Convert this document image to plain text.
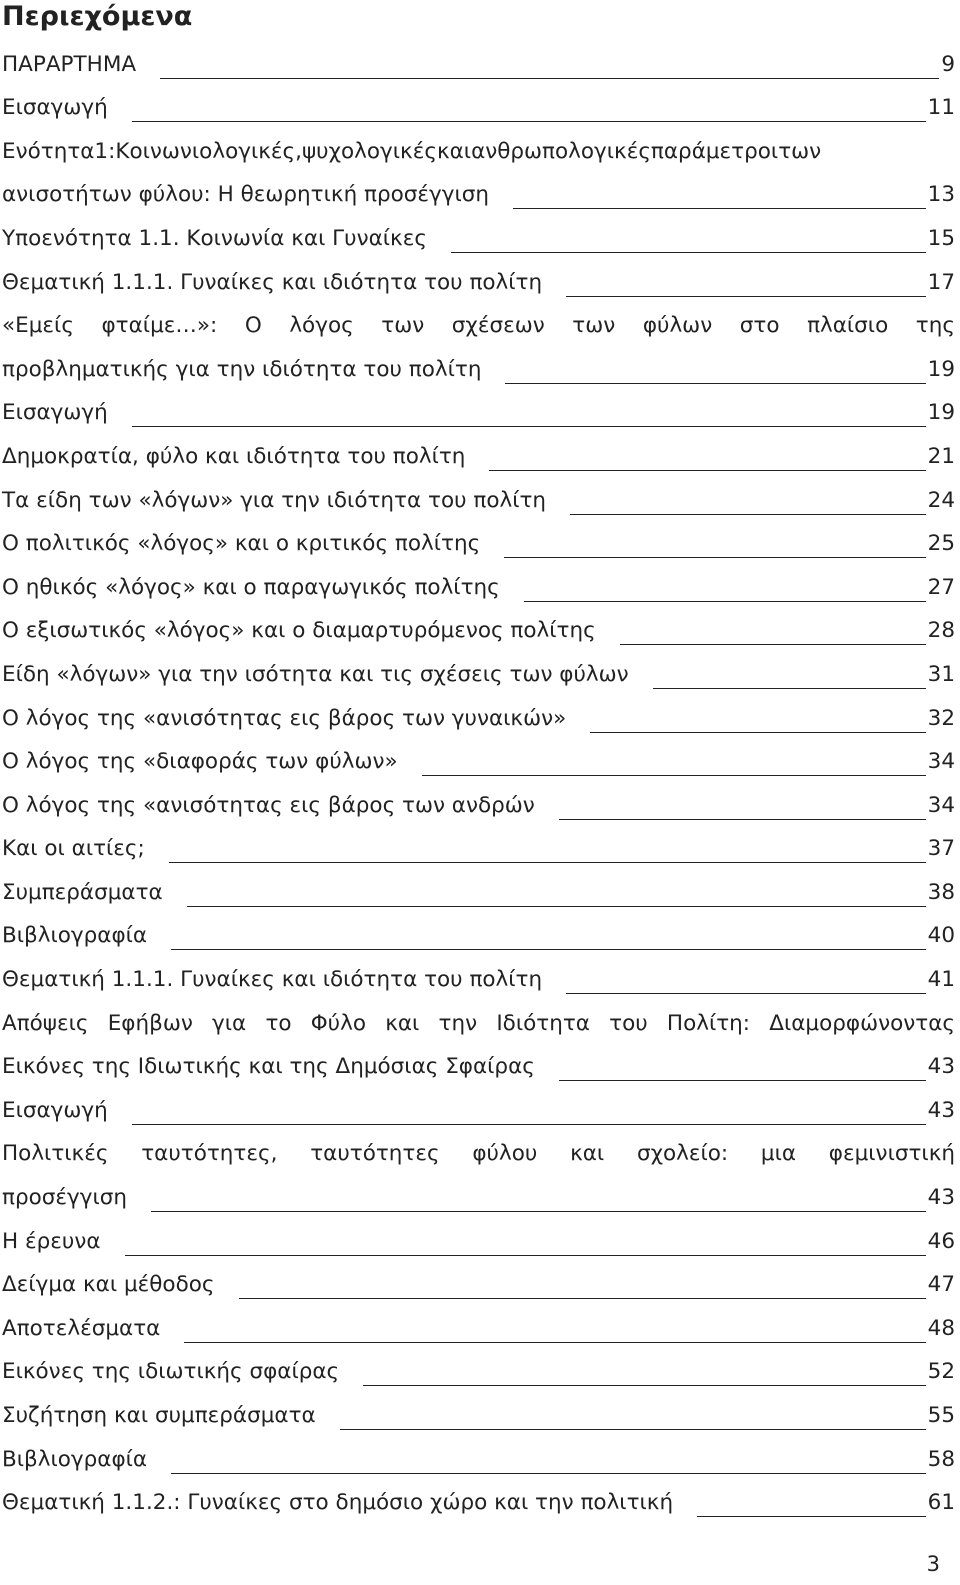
Περιεχόμενα
ΠΑΡΑΡΤΗΜΑ	9
Εισαγωγή	11
Ενότητα1:Κοινωνιολογικές,ψυχολογικέςκαιανθρωπολογικέςπαράμετροιτων
ανισοτήτων φύλου: Η θεωρητική προσέγγιση	13
Υποενότητα 1.1. Κοινωνία και Γυναίκες	15
Θεματική 1.1.1. Γυναίκες και ιδιότητα του πολίτη	17
«Εμείς φταίμε…»: Ο λόγος των σχέσεων των φύλων στο πλαίσιο της
προβληματικής για την ιδιότητα του πολίτη	19
Εισαγωγή	19
Δημοκρατία, φύλο και ιδιότητα του πολίτη	21
Τα είδη των «λόγων» για την ιδιότητα του πολίτη	24
Ο πολιτικός «λόγος» και ο κριτικός πολίτης	25
Ο ηθικός «λόγος» και ο παραγωγικός πολίτης	27
Ο εξισωτικός «λόγος» και ο διαμαρτυρόμενος πολίτης	28
Είδη «λόγων» για την ισότητα και τις σχέσεις των φύλων	31
Ο λόγος της «ανισότητας εις βάρος των γυναικών»	32
Ο λόγος της «διαφοράς των φύλων»	34
Ο λόγος της «ανισότητας εις βάρος των ανδρών	34
Και οι αιτίες;	37
Συμπεράσματα	38
Βιβλιογραφία	40
Θεματική 1.1.1. Γυναίκες και ιδιότητα του πολίτη	41
Απόψεις Εφήβων για το Φύλο και την Ιδιότητα του Πολίτη: Διαμορφώνοντας
Εικόνες της Ιδιωτικής και της Δημόσιας Σφαίρας	43
Εισαγωγή	43
Πολιτικές ταυτότητες, ταυτότητες φύλου και σχολείο: μια φεμινιστική
προσέγγιση	43
Η έρευνα	46
Δείγμα και μέθοδος	47
Αποτελέσματα	48
Εικόνες της ιδιωτικής σφαίρας	52
Συζήτηση και συμπεράσματα	55
Βιβλιογραφία	58
Θεματική 1.1.2.: Γυναίκες στο δημόσιο χώρο και την πολιτική	61
3
